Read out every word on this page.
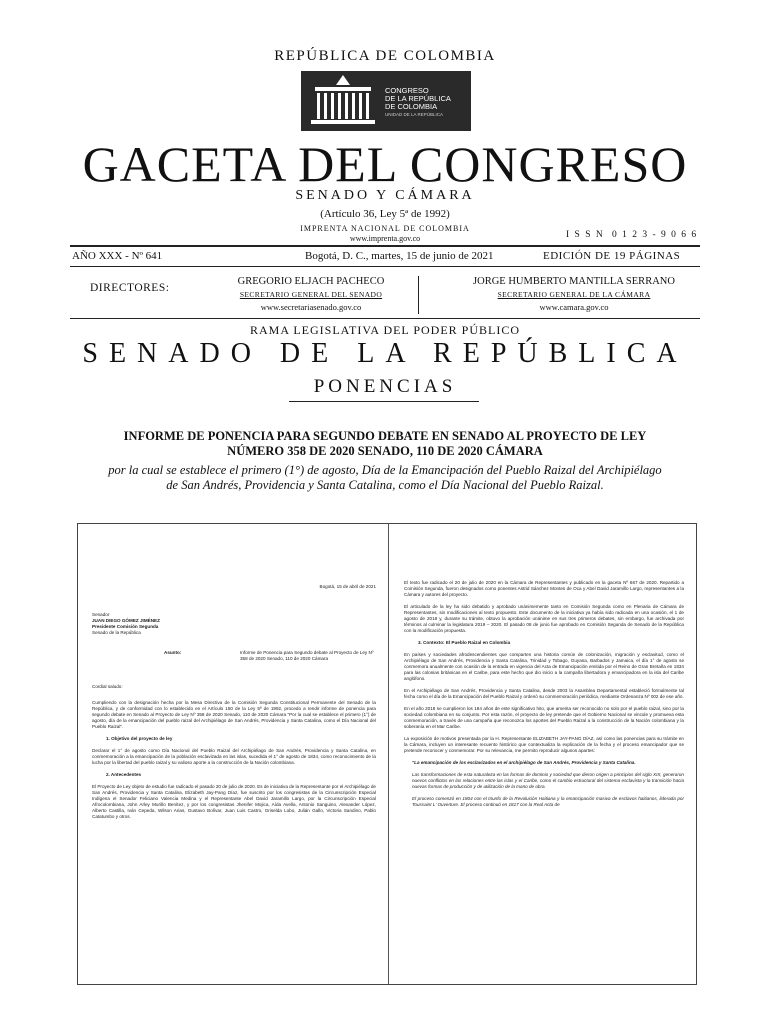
REPÚBLICA DE COLOMBIA
CONGRESO
DE LA REPÚBLICA
DE COLOMBIA
UNIDAD DE LA REPÚBLICA
GACETA DEL CONGRESO
SENADO Y CÁMARA
(Artículo 36, Ley 5ª de 1992)
IMPRENTA NACIONAL DE COLOMBIA
www.imprenta.gov.co	I S S N  0 1 2 3 - 9 0 6 6
AÑO XXX - Nº 641	Bogotá, D. C., martes, 15 de junio de 2021	EDICIÓN DE 19 PÁGINAS
DIRECTORES:
GREGORIO ELJACH PACHECO
SECRETARIO GENERAL DEL SENADO
www.secretariasenado.gov.co
JORGE HUMBERTO MANTILLA SERRANO
SECRETARIO GENERAL DE LA CÁMARA
www.camara.gov.co
RAMA LEGISLATIVA DEL PODER PÚBLICO
SENADO DE LA REPÚBLICA
PONENCIAS
INFORME DE PONENCIA PARA SEGUNDO DEBATE EN SENADO AL PROYECTO DE LEY
NÚMERO 358 DE 2020 SENADO, 110 DE 2020 CÁMARA
por la cual se establece el primero (1°) de agosto, Día de la Emancipación del Pueblo Raizal del Archipiélago
de San Andrés, Providencia y Santa Catalina, como el Día Nacional del Pueblo Raizal.

Bogotá, 15 de abril de 2021

Senador
JUAN DIEGO GÓMEZ JIMÉNEZ
Presidente Comisión Segunda
Senado de la República
Asunto:	Informe de Ponencia para Segundo debate al Proyecto de Ley Nº 358 de 2020 Senado, 110 de 2020 Cámara

Cordial saludo:

Cumpliendo con la designación hecha por la Mesa Directiva de la Comisión Segunda Constitucional Permanente del Senado de la República, y de conformidad con lo establecido en el Artículo 150 de la Ley 5ª de 1992, procedo a rendir informe de ponencia para segundo debate en Senado al Proyecto de Ley Nº 358 de 2020 Senado, 110 de 2020 Cámara "Por la cual se establece el primero (1°) de agosto, día de la emancipación del pueblo raizal del Archipiélago de San Andrés, Providencia y Santa Catalina, como el Día Nacional del Pueblo Raizal".

1. Objetivo del proyecto de ley

Declarar el 1° de agosto como Día Nacional del Pueblo Raizal del Archipiélago de San Andrés, Providencia y Santa Catalina, en conmemoración a la emancipación de la población esclavizada en las islas, sucedida el 1° de agosto de 1834, como reconocimiento de la lucha por la libertad del pueblo raizal y su valioso aporte a la construcción de la Nación colombiana.

2. Antecedentes

El Proyecto de Ley objeto de estudio fue radicado el pasado 20 de julio de 2020. Es de iniciativa de la Representante por el Archipiélago de San Andrés, Providencia y Santa Catalina, Elizabeth Jay-Pang Díaz, fue suscrito por los congresistas de la Circunscripción Especial Indígena el Senador Feliciano Valencia Medina y el Representante Abel David Jaramillo Largo, por la Circunscripción Especial Afrocolombiana, John Arley Murillo Benítez, y por los congresistas Jhenifer Mojica, Aída Avella, Antonio Sanguino, Alexander López, Alberto Castilla, Iván Cepeda, Wilson Arias, Gustavo Bolívar, Juan Luis Castro, Griselda Lobo, Julián Gallo, Victoria Sandino, Pablo Catatumbo y otros.

El texto fue radicado el 20 de julio de 2020 en la Cámara de Representantes y publicado en la gaceta Nº 667 de 2020. Repartido a Comisión Segunda, fueron designados como ponentes Astrid Sánchez Montes de Oca y Abel David Jaramillo Largo, representantes a la Cámara y autores del proyecto.

El articulado de la ley ha sido debatido y aprobado unánimemente tanto en Comisión Segunda como en Plenaria de Cámara de Representantes, sin modificaciones al texto propuesto. Este documento de la iniciativa ya había sido radicada en una ocasión, el 1 de agosto de 2018 y, durante su trámite, obtuvo la aprobación unánime en sus tres primeros debates, sin embargo, fue archivada por términos al culminar la legislatura 2019 – 2020. El pasado 08 de junio fue aprobado en Comisión Segunda de Senado de la República con la modificación propuesta.

3. Contexto: El Pueblo Raizal en Colombia

En países y sociedades afrodescendientes que comparten una historia común de colonización, migración y esclavitud, como el Archipiélago de San Andrés, Providencia y Santa Catalina, Trinidad y Tobago, Guyana, Barbados y Jamaica, el día 1° de agosto se conmemora anualmente con ocasión de la entrada en vigencia del Acta de Emancipación emitida por el Reino de Gran Bretaña en 1834 para las colonias británicas en el Caribe, para este hecho que dio inicio a la campaña libertadora y emancipadora en la isla del Caribe anglófono.

En el Archipiélago de San Andrés, Providencia y Santa Catalina, desde 2003 la Asamblea Departamental estableció formalmente tal fecha como el día de la Emancipación del Pueblo Raizal y ordenó su conmemoración periódica, mediante Ordenanza Nº 002 de ese año.

En el año 2018 se cumplieron los 184 años de este significativo hito, que amerita ser reconocido no solo por el pueblo raizal, sino por la sociedad colombiana en su conjunto. Por esta razón, el proyecto de ley pretende que el Gobierno Nacional se vincule y promueva esta conmemoración, a través de una campaña que reconozca los aportes del Pueblo Raizal a la construcción de la Nación colombiana y la soberanía en el Mar Caribe.

La exposición de motivos presentada por la H. Representante ELIZABETH JAY-PANG DÍAZ, así como las ponencias para su trámite en la Cámara, incluyen un interesante recuento histórico que contextualiza la explicación de la fecha y el proceso emancipador que se pretende reconocer y conmemorar. Por su relevancia, me permito reproducir algunos apartes:

"La emancipación de los esclavizados en el archipiélago de San Andrés, Providencia y Santa Catalina.

Las transformaciones de esta naturaleza en las formas de dominio y sociedad que dieron origen a principios del siglo XIX, generaron nuevos conflictos en las relaciones entre las islas y el Caribe, como el cambio estructural del sistema esclavista y la transición hacia nuevas formas de producción y de utilización de la mano de obra.

El proceso comenzó en 1804 con el triunfo de la Revolución Haitiana y la emancipación masiva de esclavos haitianos, liderada por Toussaint L' Ouverture. El proceso continuó en 1817 con la Real Acta de
